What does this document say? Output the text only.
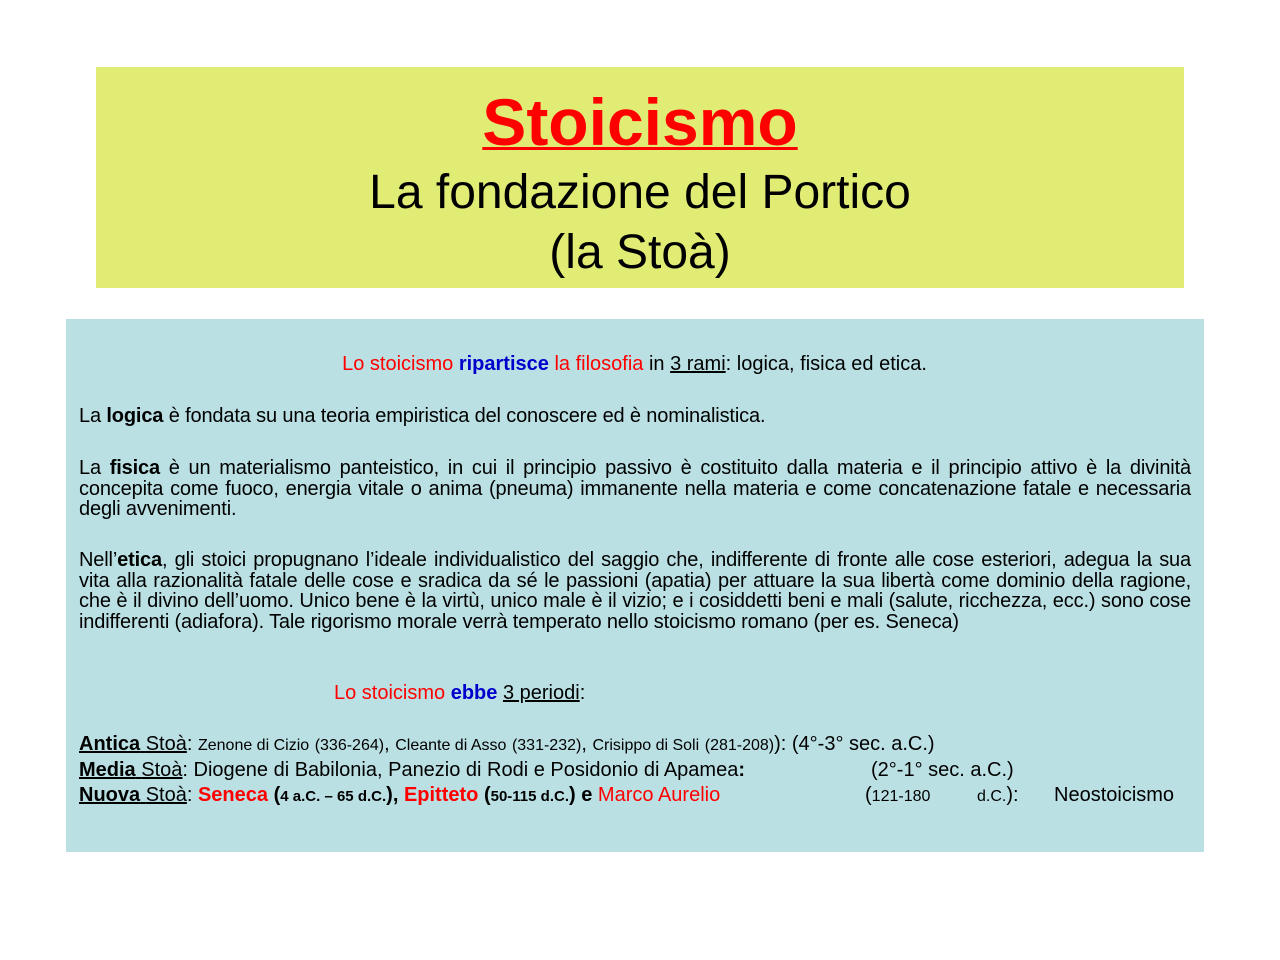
Stoicismo
La fondazione del Portico
(la Stoà)
Lo stoicismo ripartisce la filosofia in 3 rami: logica, fisica ed etica.
La logica è fondata su una teoria empiristica del conoscere ed è nominalistica.
La fisica è un materialismo panteistico, in cui il principio passivo è costituito dalla materia e il principio attivo è la divinità concepita come fuoco, energia vitale o anima (pneuma) immanente nella materia e come concatenazione fatale e necessaria degli avvenimenti.
Nell’etica, gli stoici propugnano l’ideale individualistico del saggio che, indifferente di fronte alle cose esteriori, adegua la sua vita alla razionalità fatale delle cose e sradica da sé le passioni (apatia) per attuare la sua libertà come dominio della ragione, che è il divino dell’uomo. Unico bene è la virtù, unico male è il vizio; e i cosiddetti beni e mali (salute, ricchezza, ecc.) sono cose indifferenti (adiafora). Tale rigorismo morale verrà temperato nello stoicismo romano (per es. Seneca)
Lo stoicismo ebbe 3 periodi:
Antica Stoà: Zenone di Cizio (336-264), Cleante di Asso (331-232), Crisippo di Soli (281-208)): (4°-3° sec. a.C.)
Media Stoà: Diogene di Babilonia, Panezio di Rodi e Posidonio di Apamea:	(2°-1° sec. a.C.)
Nuova Stoà: Seneca (4 a.C. – 65 d.C.), Epitteto (50-115 d.C.) e Marco Aurelio	(121-180	d.C.): Neostoicismo
